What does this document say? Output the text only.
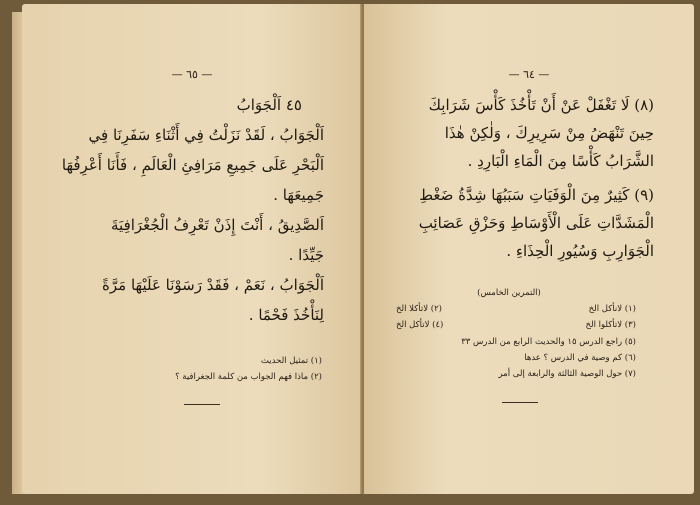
— ٦٥ —
٤٥ اَلْجَوَابُ
اَلْجَوَابُ ، لَقَدْ نَزَلْتُ فِي أَثْنَاءِ سَفَرِنَا فِي
اَلْبَحْرِ عَلَى جَمِيعِ مَرَافِئِ الْعَالَمِ ، فَأَنَا أَعْرِفُهَا
جَمِيعَهَا .
اَلصَّدِيقُ ، أَنْتَ إِذَنْ تَعْرِفُ الْجُغْرَافِيَةَ
جَيِّدًا .
اَلْجَوَابُ ، نَعَمْ ، فَقَدْ رَسَوْنَا عَلَيْهَا مَرَّةً
لِنَأْخُذَ فَحْمًا .
(١) تمثيل الحديث
(٢) ماذا فهم الجواب من كلمة الجغرافية ؟
— ٦٤ —
(٨) لَا تَغْفَلْ عَنْ أَنْ تَأْخُذَ كَأْسَ شَرَابِكَ
حِينَ تَنْهَضُ مِنْ سَرِيرِكَ ، وَلٰكِنْ هٰذَا
الشَّرَابُ كَأْسًا مِنَ الْمَاءِ الْبَارِدِ .
(٩) كَثِيرٌ مِنَ الْوَفَيَاتِ سَبَبُهَا شِدَّةُ ضَغْطِ
الْمَشَدَّاتِ عَلَى الْأَوْسَاطِ وَحَزْقِ عَصَائِبِ
الْجَوَارِبِ وَسُيُورِ الْحِذَاءِ .
(التمرين الخامس)
(١) لانأكل الخ
(٢) لاتأكلا الخ
(٣) لاتأكلوا الخ
(٤) لاتأكل الخ
(٥) راجع الدرس ١٥ والحديث الرابع من الدرس ٣٣
(٦) كم وصية في الدرس ؟ عدها
(٧) حول الوصية الثالثة والرابعة إلى أمر
